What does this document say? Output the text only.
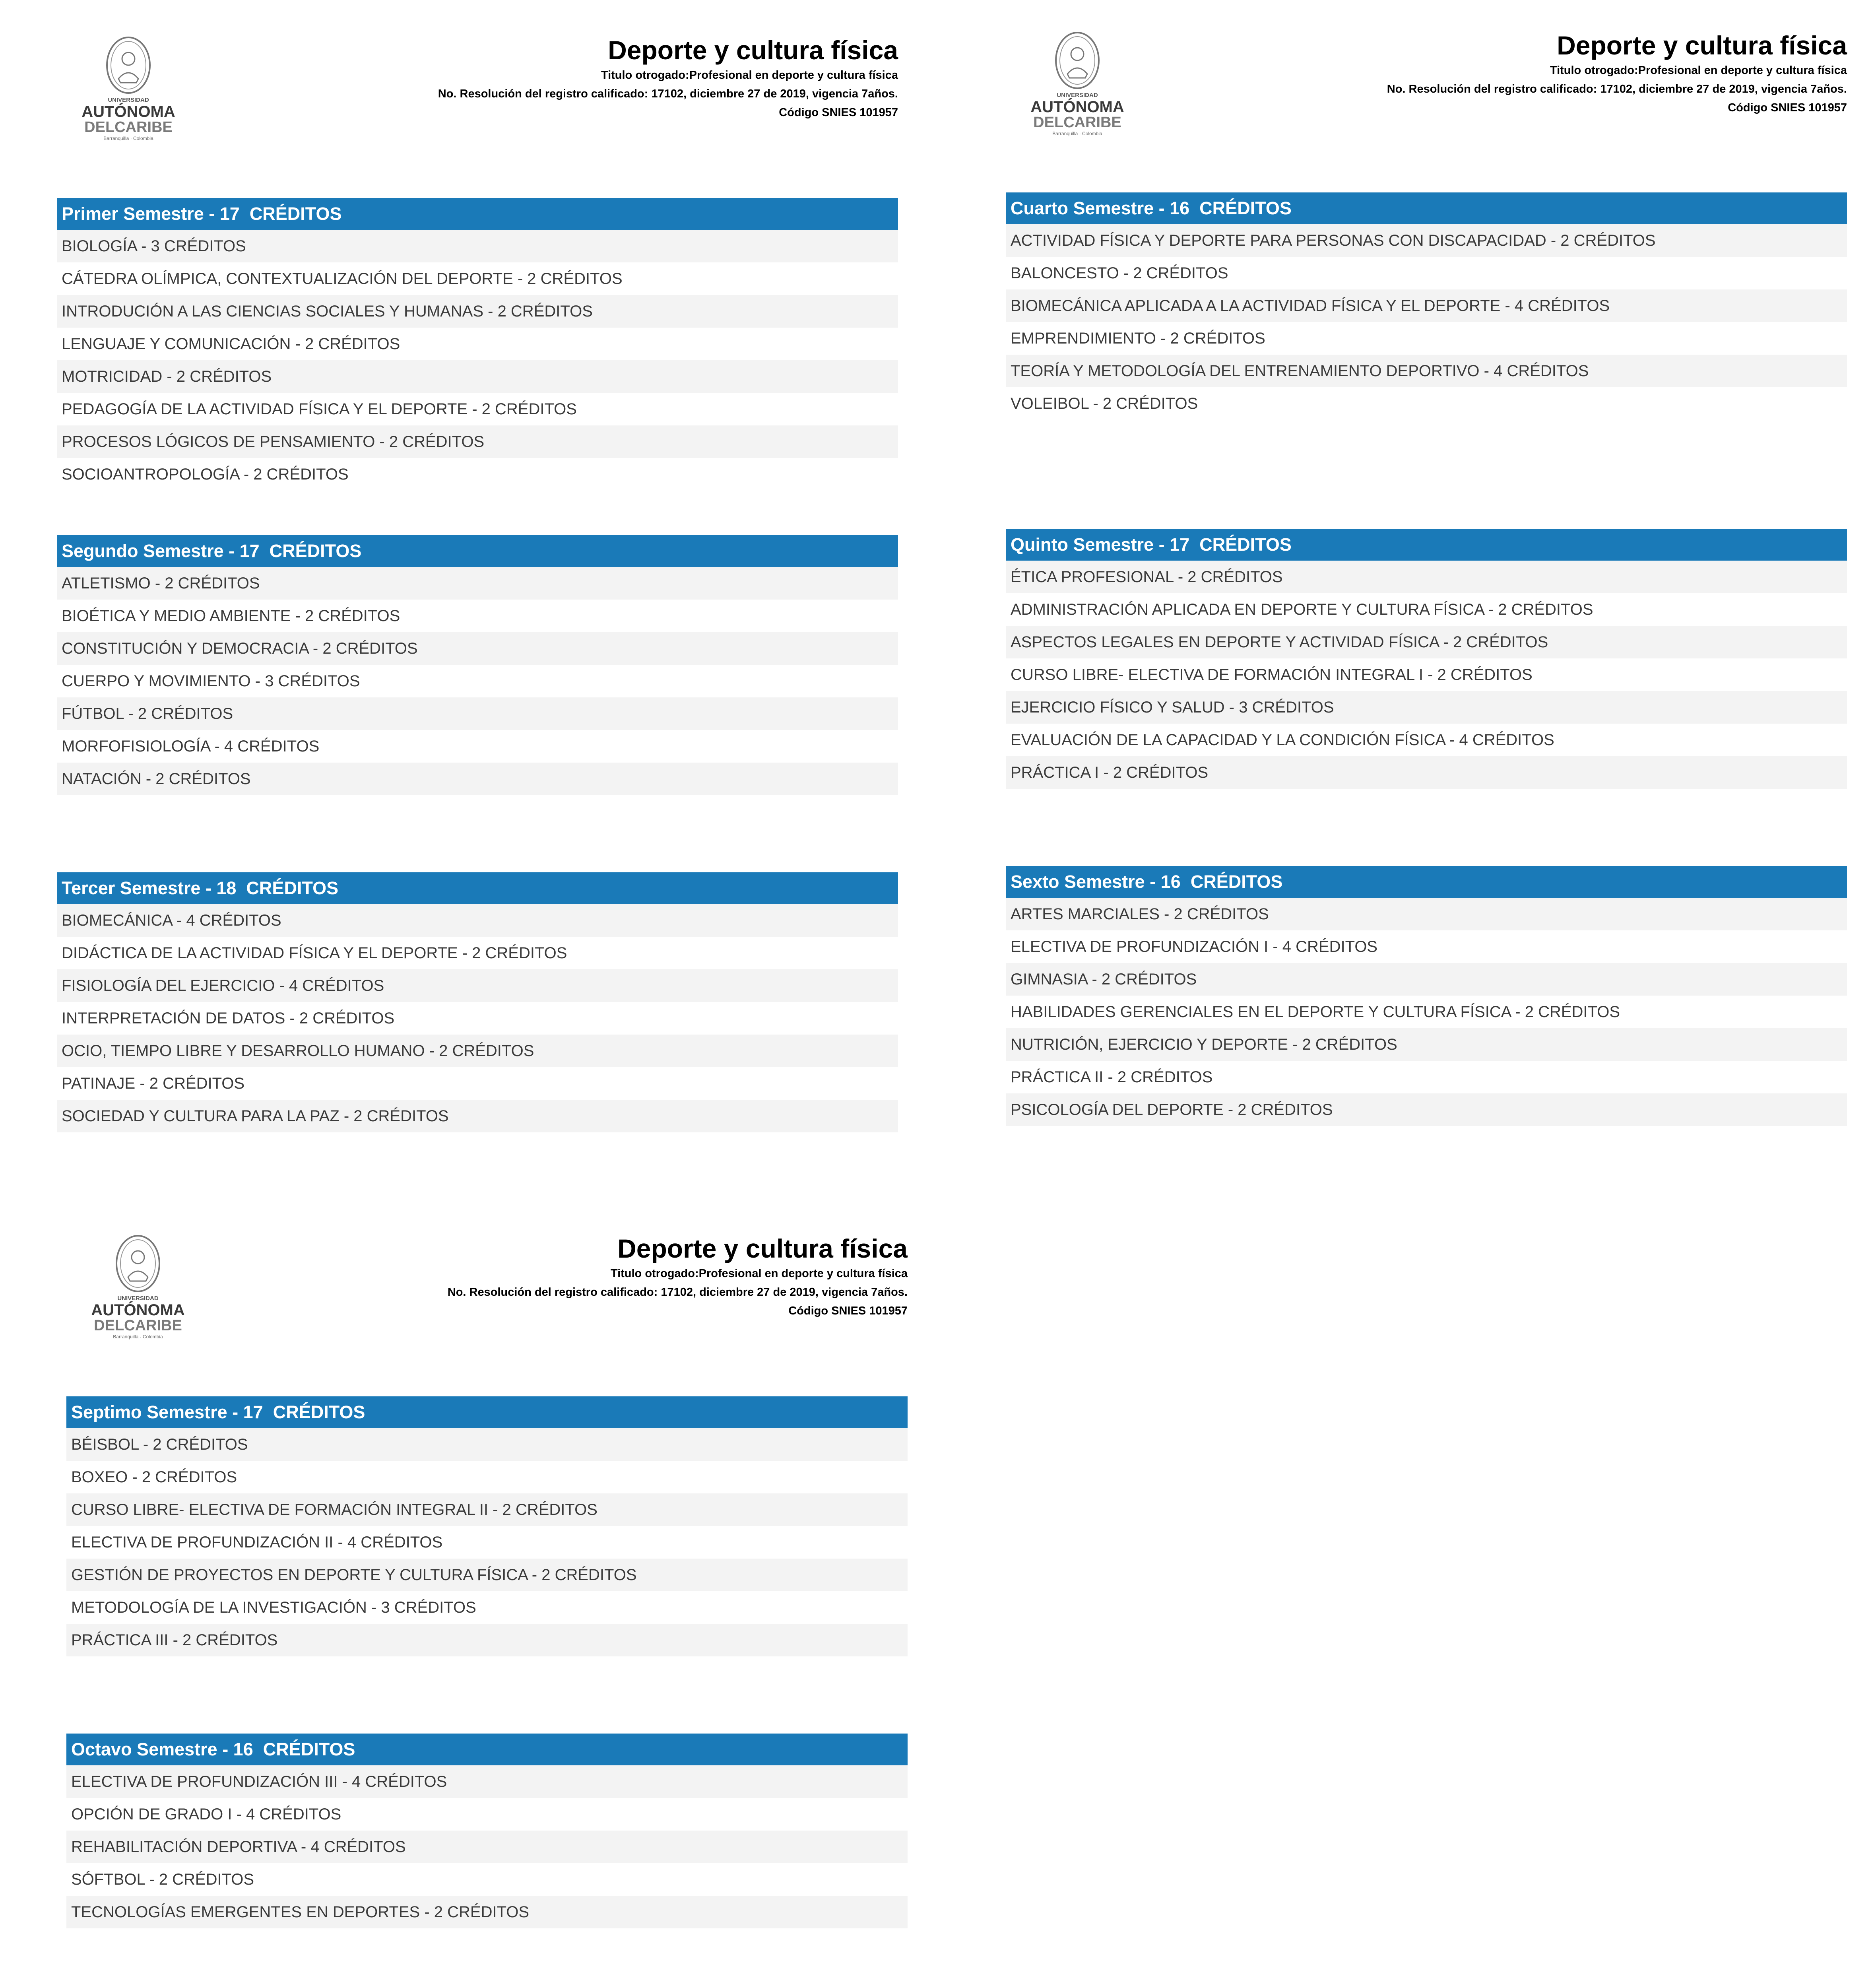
UNIVERSIDAD
AUTÓNOMA
DELCARIBE
Barranquilla · Colombia
Deporte y cultura física
Titulo otrogado:Profesional en deporte y cultura física
No. Resolución del registro calificado: 17102, diciembre 27 de 2019, vigencia 7años.
Código SNIES 101957
Primer Semestre - 17  CRÉDITOS
BIOLOGÍA - 3 CRÉDITOS
CÁTEDRA OLÍMPICA, CONTEXTUALIZACIÓN DEL DEPORTE - 2 CRÉDITOS
INTRODUCIÓN A LAS CIENCIAS SOCIALES Y HUMANAS - 2 CRÉDITOS
LENGUAJE Y COMUNICACIÓN - 2 CRÉDITOS
MOTRICIDAD - 2 CRÉDITOS
PEDAGOGÍA DE LA ACTIVIDAD FÍSICA Y EL DEPORTE - 2 CRÉDITOS
PROCESOS LÓGICOS DE PENSAMIENTO - 2 CRÉDITOS
SOCIOANTROPOLOGÍA - 2 CRÉDITOS
Segundo Semestre - 17  CRÉDITOS
ATLETISMO - 2 CRÉDITOS
BIOÉTICA Y MEDIO AMBIENTE - 2 CRÉDITOS
CONSTITUCIÓN Y DEMOCRACIA - 2 CRÉDITOS
CUERPO Y MOVIMIENTO - 3 CRÉDITOS
FÚTBOL - 2 CRÉDITOS
MORFOFISIOLOGÍA - 4 CRÉDITOS
NATACIÓN - 2 CRÉDITOS
Tercer Semestre - 18  CRÉDITOS
BIOMECÁNICA - 4 CRÉDITOS
DIDÁCTICA DE LA ACTIVIDAD FÍSICA Y EL DEPORTE - 2 CRÉDITOS
FISIOLOGÍA DEL EJERCICIO - 4 CRÉDITOS
INTERPRETACIÓN DE DATOS - 2 CRÉDITOS
OCIO, TIEMPO LIBRE Y DESARROLLO HUMANO - 2 CRÉDITOS
PATINAJE - 2 CRÉDITOS
SOCIEDAD Y CULTURA PARA LA PAZ - 2 CRÉDITOS
UNIVERSIDAD
AUTÓNOMA
DELCARIBE
Barranquilla · Colombia
Deporte y cultura física
Titulo otrogado:Profesional en deporte y cultura física
No. Resolución del registro calificado: 17102, diciembre 27 de 2019, vigencia 7años.
Código SNIES 101957
Cuarto Semestre - 16  CRÉDITOS
ACTIVIDAD FÍSICA Y DEPORTE PARA PERSONAS CON DISCAPACIDAD - 2 CRÉDITOS
BALONCESTO - 2 CRÉDITOS
BIOMECÁNICA APLICADA A LA ACTIVIDAD FÍSICA Y EL DEPORTE - 4 CRÉDITOS
EMPRENDIMIENTO - 2 CRÉDITOS
TEORÍA Y METODOLOGÍA DEL ENTRENAMIENTO DEPORTIVO - 4 CRÉDITOS
VOLEIBOL - 2 CRÉDITOS
Quinto Semestre - 17  CRÉDITOS
ÉTICA PROFESIONAL - 2 CRÉDITOS
ADMINISTRACIÓN APLICADA EN DEPORTE Y CULTURA FÍSICA - 2 CRÉDITOS
ASPECTOS LEGALES EN DEPORTE Y ACTIVIDAD FÍSICA - 2 CRÉDITOS
CURSO LIBRE- ELECTIVA DE FORMACIÓN INTEGRAL I - 2 CRÉDITOS
EJERCICIO FÍSICO Y SALUD - 3 CRÉDITOS
EVALUACIÓN DE LA CAPACIDAD Y LA CONDICIÓN FÍSICA - 4 CRÉDITOS
PRÁCTICA I - 2 CRÉDITOS
Sexto Semestre - 16  CRÉDITOS
ARTES MARCIALES - 2 CRÉDITOS
ELECTIVA DE PROFUNDIZACIÓN I - 4 CRÉDITOS
GIMNASIA - 2 CRÉDITOS
HABILIDADES GERENCIALES EN EL DEPORTE Y CULTURA FÍSICA - 2 CRÉDITOS
NUTRICIÓN, EJERCICIO Y DEPORTE - 2 CRÉDITOS
PRÁCTICA II - 2 CRÉDITOS
PSICOLOGÍA DEL DEPORTE - 2 CRÉDITOS
UNIVERSIDAD
AUTÓNOMA
DELCARIBE
Barranquilla · Colombia
Deporte y cultura física
Titulo otrogado:Profesional en deporte y cultura física
No. Resolución del registro calificado: 17102, diciembre 27 de 2019, vigencia 7años.
Código SNIES 101957
Septimo Semestre - 17  CRÉDITOS
BÉISBOL - 2 CRÉDITOS
BOXEO - 2 CRÉDITOS
CURSO LIBRE- ELECTIVA DE FORMACIÓN INTEGRAL II - 2 CRÉDITOS
ELECTIVA DE PROFUNDIZACIÓN II - 4 CRÉDITOS
GESTIÓN DE PROYECTOS EN DEPORTE Y CULTURA FÍSICA - 2 CRÉDITOS
METODOLOGÍA DE LA INVESTIGACIÓN - 3 CRÉDITOS
PRÁCTICA III - 2 CRÉDITOS
Octavo Semestre - 16  CRÉDITOS
ELECTIVA DE PROFUNDIZACIÓN III - 4 CRÉDITOS
OPCIÓN DE GRADO I - 4 CRÉDITOS
REHABILITACIÓN DEPORTIVA - 4 CRÉDITOS
SÓFTBOL - 2 CRÉDITOS
TECNOLOGÍAS EMERGENTES EN DEPORTES - 2 CRÉDITOS
